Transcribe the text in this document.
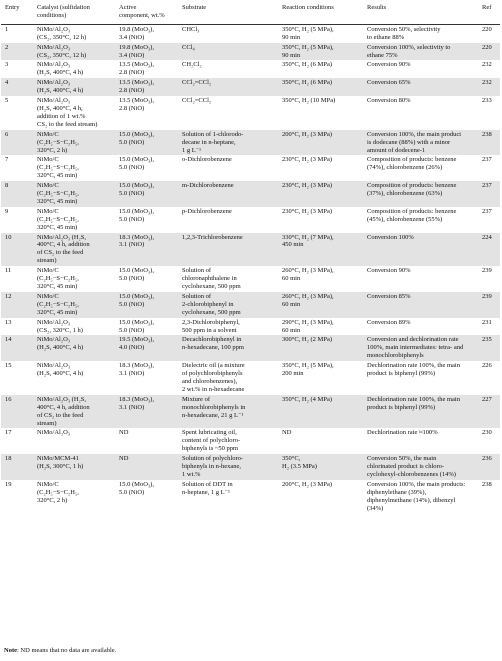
Entry	Catalyst (sulfidation
conditions)	Active
component, wt.%	Substrate	Reaction conditions	Results	Ref
1	NiMo/Al₂O₃
(CS₂, 350°C, 12 h)	19.8 (MoO₃),
3.4 (NiO)	CHCl₃	350°C, H₂ (5 MPa),
90 min	Conversion 50%, selectivity
to ethane 88%	220
2	NiMo/Al₂O₃
(CS₂, 350°C, 12 h)	19.8 (MoO₃),
3.4 (NiO)	CCl₄	350°C, H₂ (5 MPa),
90 min	Conversion 100%, selectivity to
ethane 75%	220
3	NiMo/Al₂O₃
(H₂S, 400°C, 4 h)	13.5 (MoO₃),
2.8 (NiO)	CH₂Cl₂	350°C, H₂ (6 MPa)	Conversion 90%	232
4	NiMo/Al₂O₃
(H₂S, 400°C, 4 h)	13.5 (MoO₃),
2.8 (NiO)	CCl₂=CCl₂	350°C, H₂ (6 MPa)	Conversion 65%	232
5	NiMo/Al₂O₃
(H₂S, 400°C, 4 h,
addition of 1 wt.%
CS₂ to the feed stream)	13.5 (MoO₃),
2.8 (NiO)	CCl₂=CCl₂	350°C, H₂ (10 MPa)	Conversion 80%	233
6	NiMo/C
(C₂H₅−S−C₂H₅,
320°C, 2 h)	15.0 (MoO₃),
5.0 (NiO)	Solution of 1-chlorodo-
decane in n-heptane,
1 g L⁻¹	200°C, H₂ (3 MPa)	Conversion 100%, the main product
is dodecane (88%) with a minor
amount of dodecene-1	238
7	NiMo/C
(C₂H₅−S−C₂H₅,
320°C, 45 min)	15.0 (MoO₃),
5.0 (NiO)	o-Dichlorobenzene	230°C, H₂ (3 MPa)	Composition of products: benzene
(74%), chlorobenzene (26%)	237
8	NiMo/C
(C₂H₅−S−C₂H₅,
320°C, 45 min)	15.0 (MoO₃),
5.0 (NiO)	m-Dichlorobenzene	230°C, H₂ (3 MPa)	Composition of products: benzene
(37%), chlorobenzene (63%)	237
9	NiMo/C
(C₂H₅−S−C₂H₅,
320°C, 45 min)	15.0 (MoO₃),
5.0 (NiO)	p-Dichlorobenzene	230°C, H₂ (3 MPa)	Composition of products: benzene
(45%), chlorobenzene (55%)	237
10	NiMo/Al₂O₃ (H₂S,
400°C, 4 h, addition
of CS₂ to the feed
stream)	18.3 (MoO₃),
3.1 (NiO)	1,2,3-Trichlorobenzene	330°C, H₂ (7 MPa),
450 min	Conversion 100%	224
11	NiMo/C
(C₂H₅−S−C₂H₅,
320°C, 45 min)	15.0 (MoO₃),
5.0 (NiO)	Solution of
chloronaphthalene in
cyclohexane, 500 ppm	260°C, H₂ (3 MPa),
60 min	Conversion 90%	239
12	NiMo/C
(C₂H₅−S−C₂H₅,
320°C, 45 min)	15.0 (MoO₃),
5.0 (NiO)	Solution of
2-chlorobiphenyl in
cyclohexane, 500 ppm	260°C, H₂ (3 MPa),
60 min	Conversion 85%	239
13	NiMo/Al₂O₃
(CS₂, 320°C, 1 h)	15.0 (MoO₃),
5.0 (NiO)	2,3-Dichlorobiphenyl,
500 ppm in a solvent	290°C, H₂ (3 MPa),
60 min	Conversion 89%	231
14	NiMo/Al₂O₃
(H₂S, 400°C, 4 h)	19.5 (MoO₃),
4.0 (NiO)	Decachlorobiphenyl in
n-hexadecane, 100 ppm	300°C, H₂ (2 MPa)	Conversion and dechlorination rate
100%, main intermediates: tetra- and
monochlorobiphenyls	235
15	NiMo/Al₂O₃
(H₂S, 400°C, 4 h)	18.3 (MoO₃),
3.1 (NiO)	Dielectric oil (a mixture
of polychlorobiphenyls
and chlorobenzenes),
2 wt.% in n-hexadecane	350°C, H₂ (5 MPa),
200 min	Dechlorination rate 100%, the main
product is biphenyl (99%)	226
16	NiMo/Al₂O₃ (H₂S,
400°C, 4 h, addition
of CS₂ to the feed
stream)	18.3 (MoO₃),
3.1 (NiO)	Mixture of
monochlorobiphenyls in
n-hexadecane, 21 g L⁻¹	350°C, H₂ (4 MPa)	Dechlorination rate 100%, the main
product is biphenyl (99%)	227
17	NiMo/Al₂O₃	ND	Spent lubricating oil,
content of polychloro-
biphenyls is ~50 ppm	ND	Dechlorination rate ≈100%	230
18	NiMo/MCM-41
(H₂S, 300°C, 1 h)	ND	Solution of polychloro-
biphenyls in n-hexane,
1 wt.%	350°C,
H₂ (3.5 MPa)	Conversion 50%, the main
chlorinated product is chloro-
cyclohexyl-chlorobenzenes (14%)	236
19	NiMo/C
(C₂H₅−S−C₂H₅,
320°C, 2 h)	15.0 (MoO₃),
5.0 (NiO)	Solution of DDT in
n-heptane, 1 g L⁻¹	200°C, H₂ (3 MPa)	Conversion 100%, the main products:
diphenylethane (39%),
diphenylmethane (14%), dibenzyl
(34%)	238
Note: ND means that no data are available.
